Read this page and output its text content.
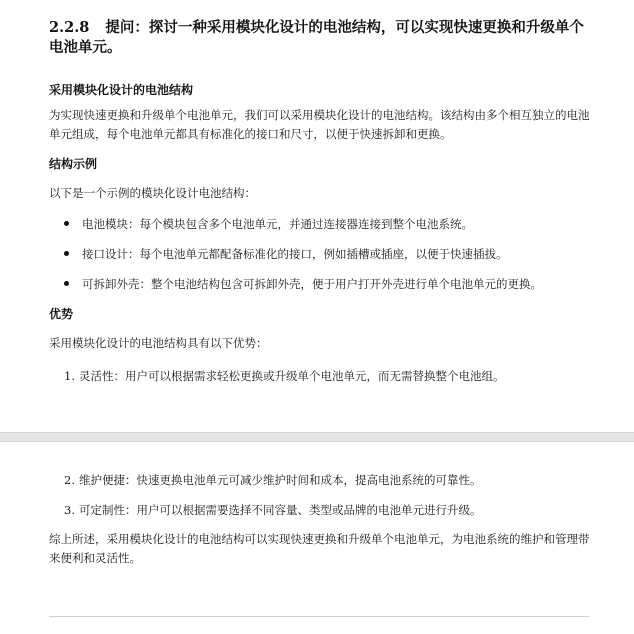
2.2.8 提问：探讨一种采用模块化设计的电池结构，可以实现快速更换和升级单个电池单元。
采用模块化设计的电池结构
为实现快速更换和升级单个电池单元，我们可以采用模块化设计的电池结构。该结构由多个相互独立的电池单元组成，每个电池单元都具有标准化的接口和尺寸，以便于快速拆卸和更换。
结构示例
以下是一个示例的模块化设计电池结构：
电池模块：每个模块包含多个电池单元，并通过连接器连接到整个电池系统。
接口设计：每个电池单元都配备标准化的接口，例如插槽或插座，以便于快速插拔。
可拆卸外壳：整个电池结构包含可拆卸外壳，便于用户打开外壳进行单个电池单元的更换。
优势
采用模块化设计的电池结构具有以下优势：
1. 灵活性：用户可以根据需求轻松更换或升级单个电池单元，而无需替换整个电池组。
2. 维护便捷：快速更换电池单元可减少维护时间和成本，提高电池系统的可靠性。
3. 可定制性：用户可以根据需要选择不同容量、类型或品牌的电池单元进行升级。
综上所述，采用模块化设计的电池结构可以实现快速更换和升级单个电池单元，为电池系统的维护和管理带来便利和灵活性。
